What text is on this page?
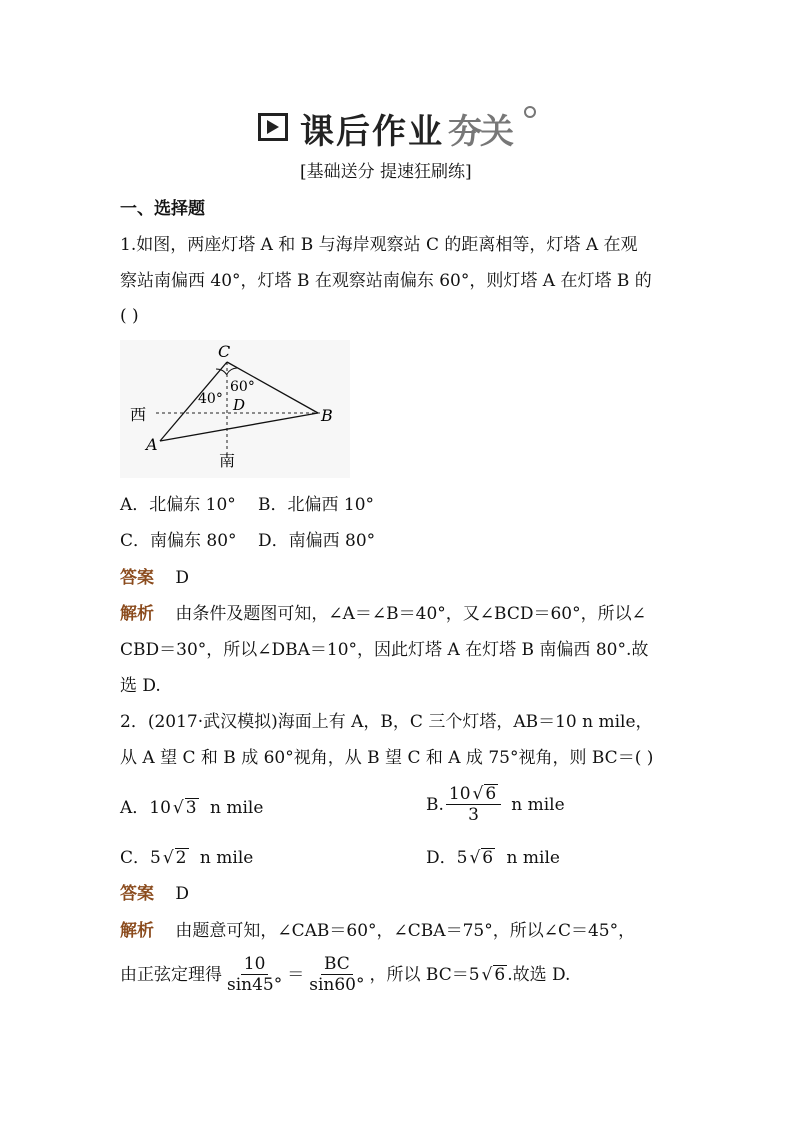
课后作业 夯关
[基础送分 提速狂刷练]
一、选择题
1.如图，两座灯塔 A 和 B 与海岸观察站 C 的距离相等，灯塔 A 在观
察站南偏西 40°，灯塔 B 在观察站南偏东 60°，则灯塔 A 在灯塔 B 的
( )
C
A
B
D
西
南
40°
60°
A．北偏东 10° B．北偏西 10°
C．南偏东 80° D．南偏西 80°
答案 D
解析 由条件及题图可知，∠A＝∠B＝40°，又∠BCD＝60°，所以∠
CBD＝30°，所以∠DBA＝10°，因此灯塔 A 在灯塔 B 南偏西 80°.故
选 D.
2．(2017·武汉模拟)海面上有 A，B，C 三个灯塔，AB＝10 n mile，
从 A 望 C 和 B 成 60°视角，从 B 望 C 和 A 成 75°视角，则 BC＝( )
A．10 √ 3 n mile	B. $\frac{10 √ 6}{3}$ n mile
C．5 √ 2 n mile	D．5 √ 6 n mile
答案 D
解析 由题意可知，∠CAB＝60°，∠CBA＝75°，所以∠C＝45°，
由正弦定理得 $\frac{10}{\sin 45^\circ} = \frac{BC}{\sin 60^\circ}$ ，所以 BC＝5 √ 6 .故选 D.
